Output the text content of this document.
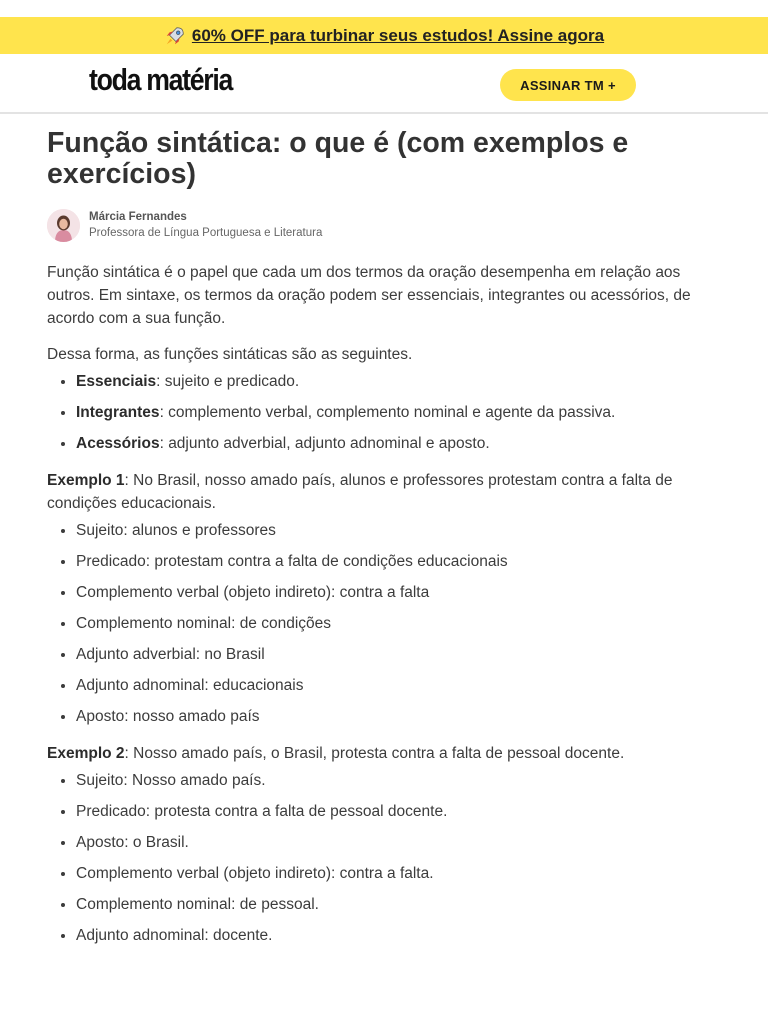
60% OFF para turbinar seus estudos! Assine agora
toda matéria	ASSINAR TM +
Função sintática: o que é (com exemplos e exercícios)
Márcia Fernandes
Professora de Língua Portuguesa e Literatura

Função sintática é o papel que cada um dos termos da oração desempenha em relação aos outros. Em sintaxe, os termos da oração podem ser essenciais, integrantes ou acessórios, de acordo com a sua função.

Dessa forma, as funções sintáticas são as seguintes.

• Essenciais: sujeito e predicado.
• Integrantes: complemento verbal, complemento nominal e agente da passiva.
• Acessórios: adjunto adverbial, adjunto adnominal e aposto.

Exemplo 1: No Brasil, nosso amado país, alunos e professores protestam contra a falta de condições educacionais.

• Sujeito: alunos e professores
• Predicado: protestam contra a falta de condições educacionais
• Complemento verbal (objeto indireto): contra a falta
• Complemento nominal: de condições
• Adjunto adverbial: no Brasil
• Adjunto adnominal: educacionais
• Aposto: nosso amado país

Exemplo 2: Nosso amado país, o Brasil, protesta contra a falta de pessoal docente.

• Sujeito: Nosso amado país.
• Predicado: protesta contra a falta de pessoal docente.
• Aposto: o Brasil.
• Complemento verbal (objeto indireto): contra a falta.
• Complemento nominal: de pessoal.
• Adjunto adnominal: docente.
